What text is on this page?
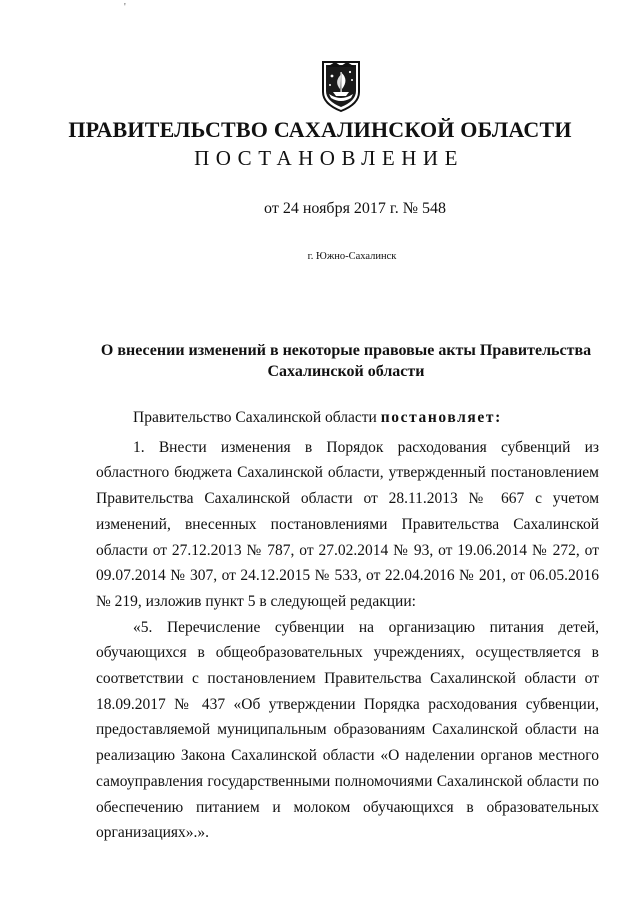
'
ПРАВИТЕЛЬСТВО САХАЛИНСКОЙ ОБЛАСТИ
ПОСТАНОВЛЕНИЕ
от 24 ноября 2017 г. № 548
г. Южно-Сахалинск
О внесении изменений в некоторые правовые акты Правительства Сахалинской области

Правительство Сахалинской области постановляет:

1. Внести изменения в Порядок расходования субвенций из областного бюджета Сахалинской области, утвержденный постановлением Правительства Сахалинской области от 28.11.2013 № 667 с учетом изменений, внесенных постановлениями Правительства Сахалинской области от 27.12.2013 № 787, от 27.02.2014 № 93, от 19.06.2014 № 272, от 09.07.2014 № 307, от 24.12.2015 № 533, от 22.04.2016 № 201, от 06.05.2016 № 219, изложив пункт 5 в следующей редакции:

«5. Перечисление субвенции на организацию питания детей, обучающихся в общеобразовательных учреждениях, осуществляется в соответствии с постановлением Правительства Сахалинской области от 18.09.2017 № 437 «Об утверждении Порядка расходования субвенции, предоставляемой муниципальным образованиям Сахалинской области на реализацию Закона Сахалинской области «О наделении органов местного самоуправления государственными полномочиями Сахалинской области по обеспечению питанием и молоком обучающихся в образовательных организациях».».
